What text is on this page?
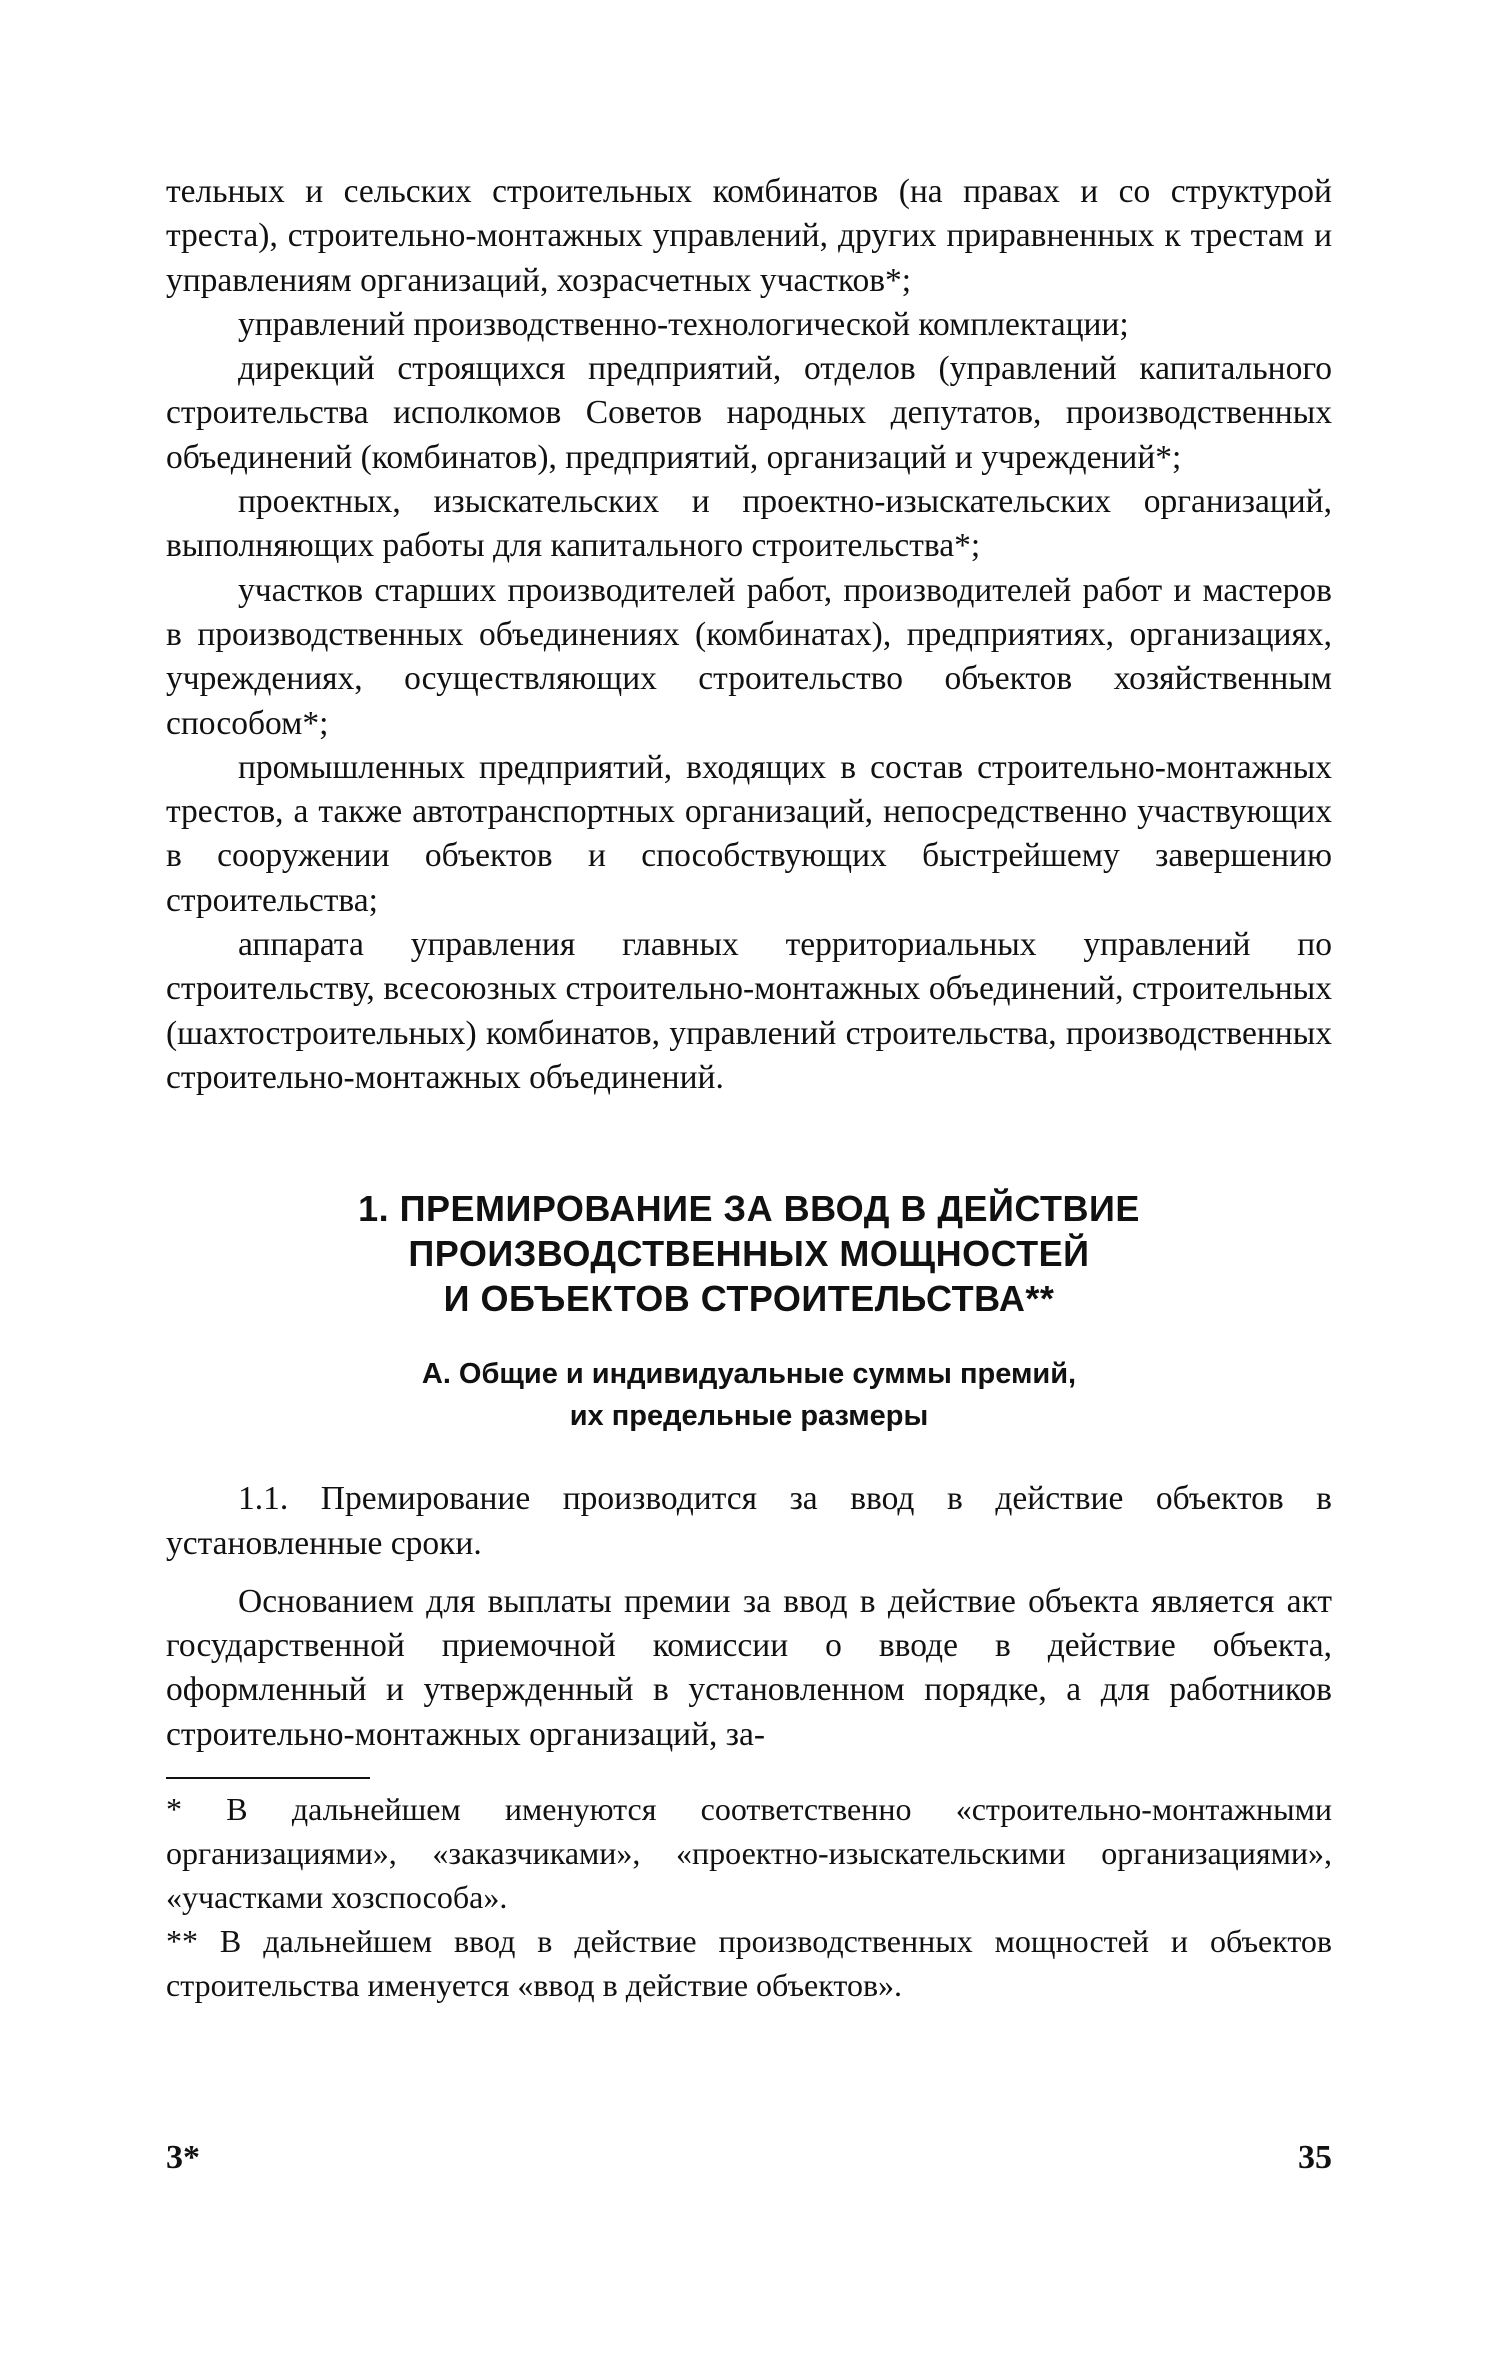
тельных и сельских строительных комбинатов (на правах и со структурой треста), строительно-монтажных управлений, других приравненных к трестам и управлениям организаций, хозрасчетных участков*;

управлений производственно-технологической комплектации;

дирекций строящихся предприятий, отделов (управлений капитального строительства исполкомов Советов народных депутатов, производственных объединений (комбинатов), предприятий, организаций и учреждений*;

проектных, изыскательских и проектно-изыскательских организаций, выполняющих работы для капитального строительства*;

участков старших производителей работ, производителей работ и мастеров в производственных объединениях (комбинатах), предприятиях, организациях, учреждениях, осуществляющих строительство объектов хозяйственным способом*;

промышленных предприятий, входящих в состав строительно-монтажных трестов, а также автотранспортных организаций, непосредственно участвующих в сооружении объектов и способствующих быстрейшему завершению строительства;

аппарата управления главных территориальных управлений по строительству, всесоюзных строительно-монтажных объединений, строительных (шахтостроительных) комбинатов, управлений строительства, производственных строительно-монтажных объединений.

1. ПРЕМИРОВАНИЕ ЗА ВВОД В ДЕЙСТВИЕ
ПРОИЗВОДСТВЕННЫХ МОЩНОСТЕЙ
И ОБЪЕКТОВ СТРОИТЕЛЬСТВА**
А. Общие и индивидуальные суммы премий,
их предельные размеры

1.1. Премирование производится за ввод в действие объектов в установленные сроки.

Основанием для выплаты премии за ввод в действие объекта является акт государственной приемочной комиссии о вводе в действие объекта, оформленный и утвержденный в установленном порядке, а для работников строительно-монтажных организаций, за-

* В дальнейшем именуются соответственно «строительно-монтажными организациями», «заказчиками», «проектно-изыскательскими организациями», «участками хозспособа».

** В дальнейшем ввод в действие производственных мощностей и объектов строительства именуется «ввод в действие объектов».

3*	35
